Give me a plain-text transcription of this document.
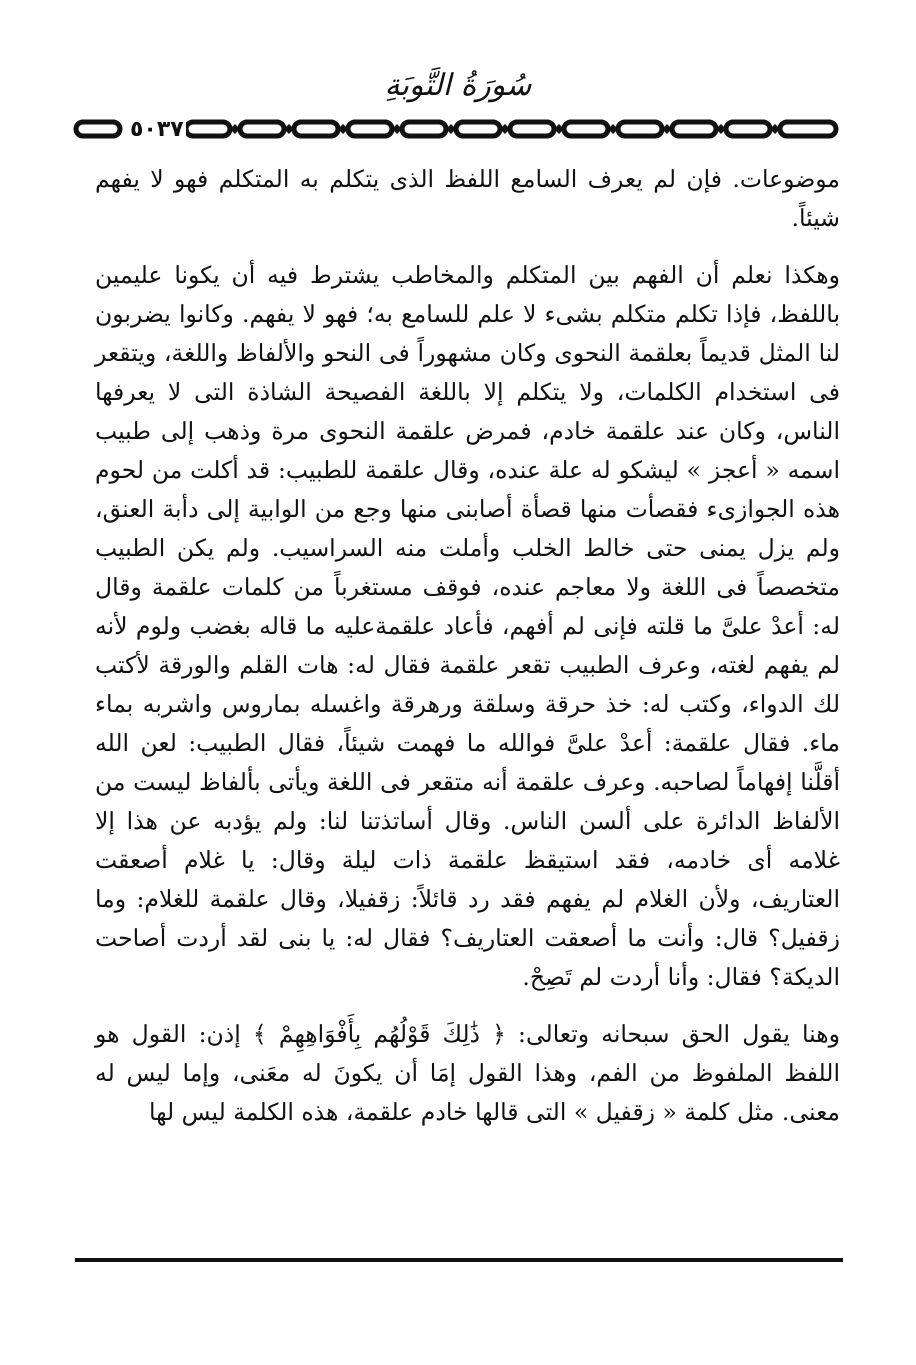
سُورَةُ التَّوبَةِ
٥٠٣٧

موضوعات. فإن لم يعرف السامع اللفظ الذى يتكلم به المتكلم فهو لا يفهم شيئاً.

وهكذا نعلم أن الفهم بين المتكلم والمخاطب يشترط فيه أن يكونا عليمين باللفظ، فإذا تكلم متكلم بشىء لا علم للسامع به؛ فهو لا يفهم. وكانوا يضربون لنا المثل قديماً بعلقمة النحوى وكان مشهوراً فى النحو والألفاظ واللغة، ويتقعر فى استخدام الكلمات، ولا يتكلم إلا باللغة الفصيحة الشاذة التى لا يعرفها الناس، وكان عند علقمة خادم، فمرض علقمة النحوى مرة وذهب إلى طبيب اسمه « أعجز » ليشكو له علة عنده، وقال علقمة للطبيب: قد أكلت من لحوم هذه الجوازىء فقصأت منها قصأة أصابنى منها وجع من الوابية إلى دأبة العنق، ولم يزل يمنى حتى خالط الخلب وأملت منه السراسيب. ولم يكن الطبيب متخصصاً فى اللغة ولا معاجم عنده، فوقف مستغرباً من كلمات علقمة وقال له: أعدْ علىَّ ما قلته فإنى لم أفهم، فأعاد علقمةعليه ما قاله بغضب ولوم لأنه لم يفهم لغته، وعرف الطبيب تقعر علقمة فقال له: هات القلم والورقة لأكتب لك الدواء، وكتب له: خذ حرقة وسلقة ورهرقة واغسله بماروس واشربه بماء ماء. فقال علقمة: أعدْ علىَّ فوالله ما فهمت شيئاً، فقال الطبيب: لعن الله أقلَّنا إفهاماً لصاحبه. وعرف علقمة أنه متقعر فى اللغة ويأتى بألفاظ ليست من الألفاظ الدائرة على ألسن الناس. وقال أساتذتنا لنا: ولم يؤدبه عن هذا إلا غلامه أى خادمه، فقد استيقظ علقمة ذات ليلة وقال: يا غلام أصعقت العتاريف، ولأن الغلام لم يفهم فقد رد قائلاً: زقفيلا، وقال علقمة للغلام: وما زقفيل؟ قال: وأنت ما أصعقت العتاريف؟ فقال له: يا بنى لقد أردت أصاحت الديكة؟ فقال: وأنا أردت لم تَصِحْ.

وهنا يقول الحق سبحانه وتعالى: ﴿ ذَٰلِكَ قَوْلُهُم بِأَفْوَاهِهِمْ ﴾ إذن: القول هو اللفظ الملفوظ من الفم، وهذا القول إمَا أن يكونَ له معَنى، وإما ليس له معنى. مثل كلمة « زقفيل » التى قالها خادم علقمة، هذه الكلمة ليس لها
